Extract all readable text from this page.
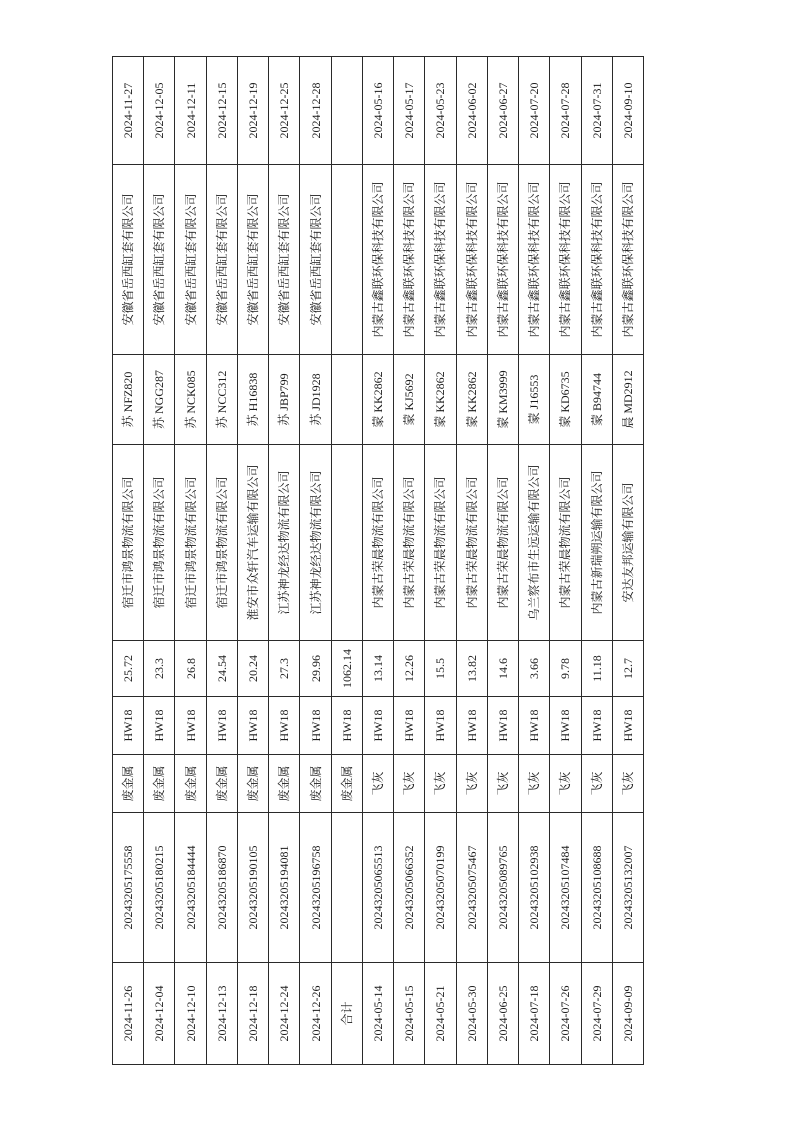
2024-11-26	20243205175558	废金属	HW18	25.72	宿迁市鸿景物流有限公司	苏 NFZ820	安徽省岳西缸套有限公司	2024-11-27
2024-12-04	20243205180215	废金属	HW18	23.3	宿迁市鸿景物流有限公司	苏 NGG287	安徽省岳西缸套有限公司	2024-12-05
2024-12-10	20243205184444	废金属	HW18	26.8	宿迁市鸿景物流有限公司	苏 NCK085	安徽省岳西缸套有限公司	2024-12-11
2024-12-13	20243205186870	废金属	HW18	24.54	宿迁市鸿景物流有限公司	苏 NCC312	安徽省岳西缸套有限公司	2024-12-15
2024-12-18	20243205190105	废金属	HW18	20.24	淮安市众轩汽车运输有限公司	苏 H16838	安徽省岳西缸套有限公司	2024-12-19
2024-12-24	20243205194081	废金属	HW18	27.3	江苏神龙经达物流有限公司	苏 JBP799	安徽省岳西缸套有限公司	2024-12-25
2024-12-26	20243205196758	废金属	HW18	29.96	江苏神龙经达物流有限公司	苏 JD1928	安徽省岳西缸套有限公司	2024-12-28
合计		废金属	HW18	1062.14				
2024-05-14	20243205065513	飞灰	HW18	13.14	内蒙古荣晨物流有限公司	蒙 KK2862	内蒙古鑫联环保科技有限公司	2024-05-16
2024-05-15	20243205066352	飞灰	HW18	12.26	内蒙古荣晨物流有限公司	蒙 KJ5692	内蒙古鑫联环保科技有限公司	2024-05-17
2024-05-21	20243205070199	飞灰	HW18	15.5	内蒙古荣晨物流有限公司	蒙 KK2862	内蒙古鑫联环保科技有限公司	2024-05-23
2024-05-30	20243205075467	飞灰	HW18	13.82	内蒙古荣晨物流有限公司	蒙 KK2862	内蒙古鑫联环保科技有限公司	2024-06-02
2024-06-25	20243205089765	飞灰	HW18	14.6	内蒙古荣晨物流有限公司	蒙 KM3999	内蒙古鑫联环保科技有限公司	2024-06-27
2024-07-18	20243205102938	飞灰	HW18	3.66	乌兰察布市生远运输有限公司	蒙 J16553	内蒙古鑫联环保科技有限公司	2024-07-20
2024-07-26	20243205107484	飞灰	HW18	9.78	内蒙古荣晨物流有限公司	蒙 KD6735	内蒙古鑫联环保科技有限公司	2024-07-28
2024-07-29	20243205108688	飞灰	HW18	11.18	内蒙古新瑞朔运输有限公司	蒙 B94744	内蒙古鑫联环保科技有限公司	2024-07-31
2024-09-09	20243205132007	飞灰	HW18	12.7	安达友邦运输有限公司	晨 MD2912	内蒙古鑫联环保科技有限公司	2024-09-10
